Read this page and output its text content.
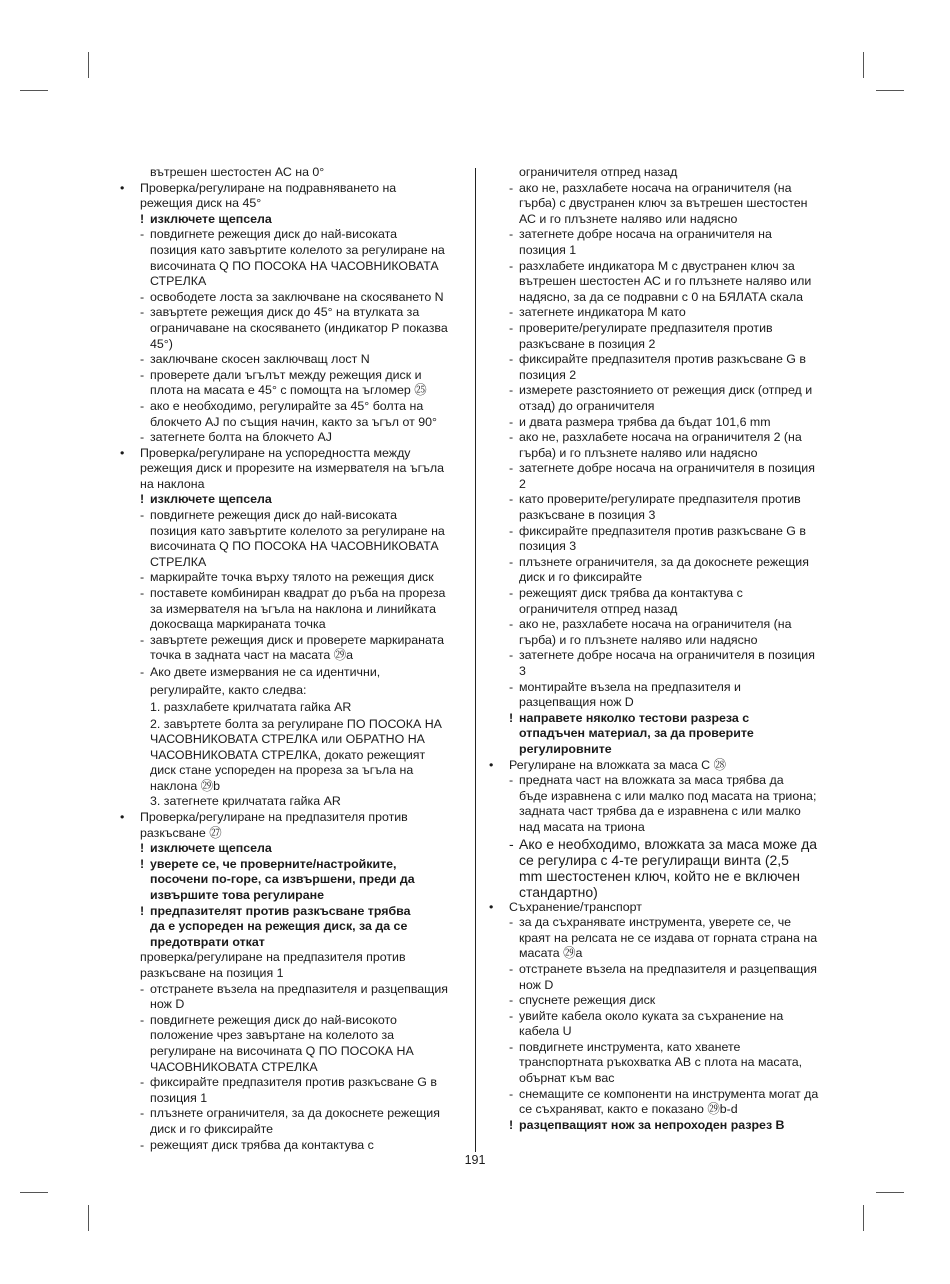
вътрешен шестостен АС на 0°
• Проверка/регулиране на подравняването на
режещия диск на 45°
! изключете щепсела
- повдигнете режещия диск до най-високата
позиция като завъртите колелото за регулиране на
височината Q ПО ПОСОКА НА ЧАСОВНИКОВАТА
СТРЕЛКА
- освободете лоста за заключване на скосяването N
- завъртете режещия диск до 45° на втулката за
ограничаване на скосяването (индикатор P показва
45°)
- заключване скосен заключващ лост N
- проверете дали ъгълът между режещия диск и
плота на масата е 45° с помощта на ъгломер ㉕
- ако е необходимо, регулирайте за 45° болта на
блокчето AJ по същия начин, както за ъгъл от 90°
- затегнете болта на блокчето AJ
• Проверка/регулиране на успоредността между
режещия диск и прорезите на измервателя на ъгъла
на наклона
! изключете щепсела
- повдигнете режещия диск до най-високата
позиция като завъртите колелото за регулиране на
височината Q ПО ПОСОКА НА ЧАСОВНИКОВАТА
СТРЕЛКА
- маркирайте точка върху тялото на режещия диск
- поставете комбиниран квадрат до ръба на прореза
за измервателя на ъгъла на наклона и линийката
докосваща маркираната точка
- завъртете режещия диск и проверете маркираната
точка в задната част на масата ㉙a
- Ако двете измервания не са идентични,
регулирайте, както следва:
1. разхлабете крилчатата гайка AR
2. завъртете болта за регулиране ПО ПОСОКА НА
ЧАСОВНИКОВАТА СТРЕЛКА или ОБРАТНО НА
ЧАСОВНИКОВАТА СТРЕЛКА, докато режещият
диск стане успореден на прореза за ъгъла на
наклона ㉙b
3. затегнете крилчатата гайка AR
• Проверка/регулиране на предпазителя против
разкъсване ㉗
! изключете щепсела
! уверете се, че проверните/настройките,
посочени по-горе, са извършени, преди да
извършите това регулиране
! предпазителят против разкъсване трябва
да е успореден на режещия диск, за да се
предотврати откат
проверка/регулиране на предпазителя против
разкъсване на позиция 1
- отстранете възела на предпазителя и разцепващия
нож D
- повдигнете режещия диск до най-високото
положение чрез завъртане на колелото за
регулиране на височината Q ПО ПОСОКА НА
ЧАСОВНИКОВАТА СТРЕЛКА
- фиксирайте предпазителя против разкъсване G в
позиция 1
- плъзнете ограничителя, за да докоснете режещия
диск и го фиксирайте
- режещият диск трябва да контактува с
ограничителя отпред назад
- ако не, разхлабете носача на ограничителя (на
гърба) с двустранен ключ за вътрешен шестостен
АС и го плъзнете наляво или надясно
- затегнете добре носача на ограничителя на
позиция 1
- разхлабете индикатора M с двустранен ключ за
вътрешен шестостен АС и го плъзнете наляво или
надясно, за да се подравни с 0 на БЯЛАТА скала
- затегнете индикатора M като
- проверите/регулирате предпазителя против
разкъсване в позиция 2
- фиксирайте предпазителя против разкъсване G в
позиция 2
- измерете разстоянието от режещия диск (отпред и
отзад) до ограничителя
- и двата размера трябва да бъдат 101,6 mm
- ако не, разхлабете носача на ограничителя 2 (на
гърба) и го плъзнете наляво или надясно
- затегнете добре носача на ограничителя в позиция
2
- като проверите/регулирате предпазителя против
разкъсване в позиция 3
- фиксирайте предпазителя против разкъсване G в
позиция 3
- плъзнете ограничителя, за да докоснете режещия
диск и го фиксирайте
- режещият диск трябва да контактува с
ограничителя отпред назад
- ако не, разхлабете носача на ограничителя (на
гърба) и го плъзнете наляво или надясно
- затегнете добре носача на ограничителя в позиция
3
- монтирайте възела на предпазителя и
разцепващия нож D
! направете няколко тестови разреза с
отпадъчен материал, за да проверите
регулировните
• Регулиране на вложката за маса C ㉘
- предната част на вложката за маса трябва да
бъде изравнена с или малко под масата на триона;
задната част трябва да е изравнена с или малко
над масата на триона
- Ако е необходимо, вложката за маса може да
се регулира с 4-те регулиращи винта (2,5
mm шестостенен ключ, който не е включен
стандартно)
• Съхранение/транспорт
- за да съхранявате инструмента, уверете се, че
краят на релсата не се издава от горната страна на
масата ㉙a
- отстранете възела на предпазителя и разцепващия
нож D
- спуснете режещия диск
- увийте кабела около куката за съхранение на
кабела U
- повдигнете инструмента, като хванете
транспортната ръкохватка AB с плота на масата,
обърнат към вас
- снемащите се компоненти на инструмента могат да
се съхраняват, както е показано ㉙b-d
! разцепващият нож за непроходен разрез B
191
